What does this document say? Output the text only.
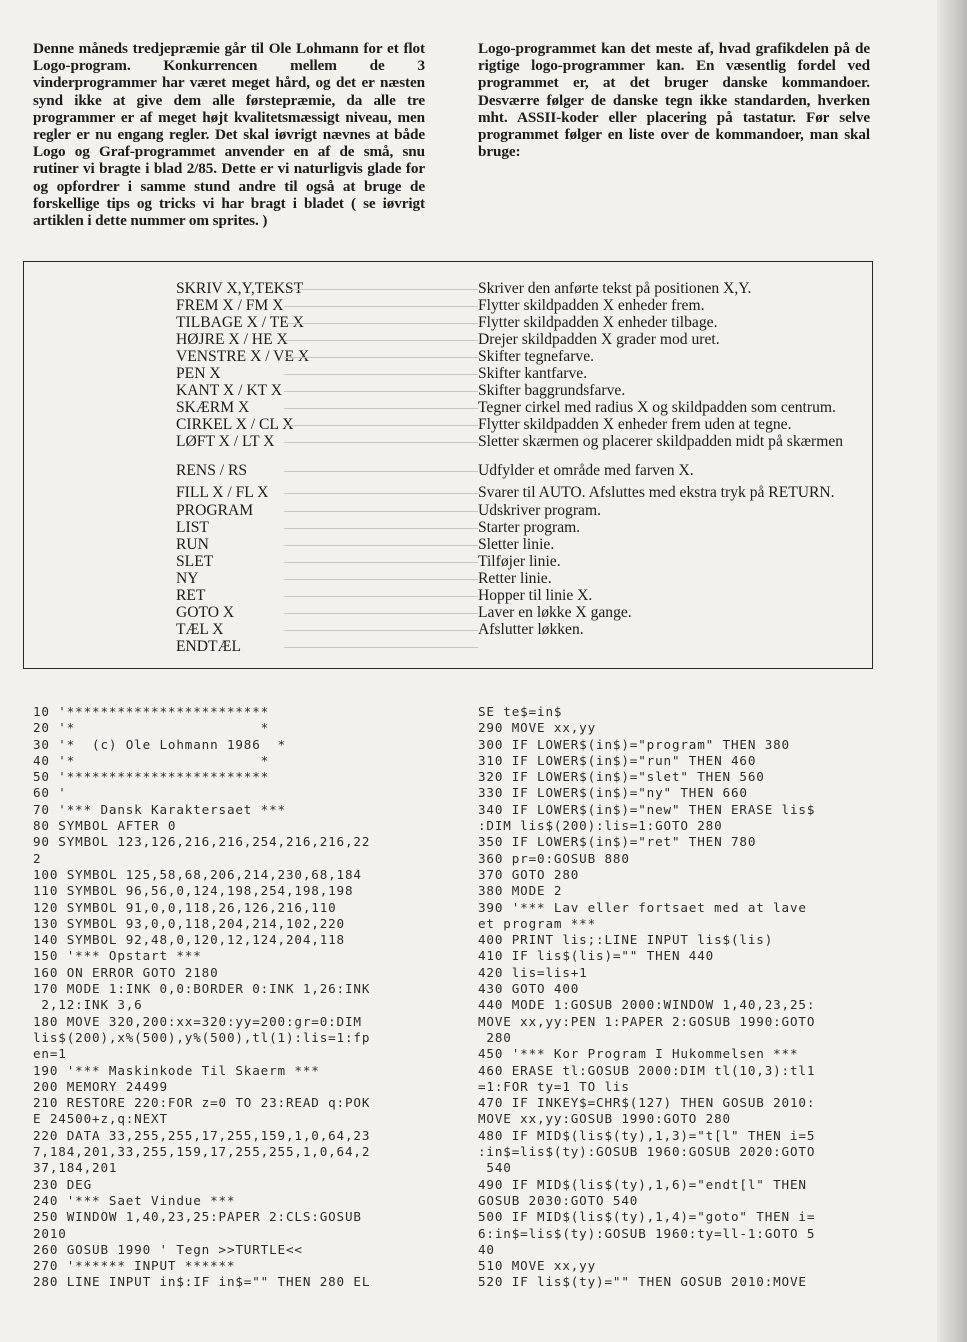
Denne måneds tredjepræmie går til Ole Lohmann for et flot Logo-program. Konkurrencen mellem de 3 vinderprogrammer har været meget hård, og det er næsten synd ikke at give dem alle førstepræmie, da alle tre programmer er af meget højt kvalitetsmæssigt niveau, men regler er nu engang regler. Det skal iøvrigt nævnes at både Logo og Graf-programmet anvender en af de små, snu rutiner vi bragte i blad 2/85. Dette er vi naturligvis glade for og opfordrer i samme stund andre til også at bruge de forskellige tips og tricks vi har bragt i bladet ( se iøvrigt artiklen i dette nummer om sprites. )
Logo-programmet kan det meste af, hvad grafikdelen på de rigtige logo-programmer kan. En væsentlig fordel ved programmet er, at det bruger danske kommandoer. Desværre følger de danske tegn ikke standarden, hverken mht. ASSII-koder eller placering på tastatur. Før selve programmet følger en liste over de kommandoer, man skal bruge:
SKRIV X,Y,TEKST	Skriver den anførte tekst på positionen X,Y.
FREM X / FM X	Flytter skildpadden X enheder frem.
TILBAGE X / TE X	Flytter skildpadden X enheder tilbage.
HØJRE X / HE X	Drejer skildpadden X grader mod uret.
VENSTRE X / VE X	Skifter tegnefarve.
PEN X	Skifter kantfarve.
KANT X / KT X	Skifter baggrundsfarve.
SKÆRM X	Tegner cirkel med radius X og skildpadden som centrum.
CIRKEL X / CL X	Flytter skildpadden X enheder frem uden at tegne.
LØFT X / LT X	Sletter skærmen og placerer skildpadden midt på skærmen
RENS / RS	Udfylder et område med farven X.
FILL X / FL X	Svarer til AUTO. Afsluttes med ekstra tryk på RETURN.
PROGRAM	Udskriver program.
LIST	Starter program.
RUN	Sletter linie.
SLET	Tilføjer linie.
NY	Retter linie.
RET	Hopper til linie X.
GOTO X	Laver en løkke X gange.
TÆL X	Afslutter løkken.
ENDTÆL
10 '************************
20 '*                      *
30 '*  (c) Ole Lohmann 1986  *
40 '*                      *
50 '************************
60 '
70 '*** Dansk Karaktersaet ***
80 SYMBOL AFTER 0
90 SYMBOL 123,126,216,216,254,216,216,22
2
100 SYMBOL 125,58,68,206,214,230,68,184
110 SYMBOL 96,56,0,124,198,254,198,198
120 SYMBOL 91,0,0,118,26,126,216,110
130 SYMBOL 93,0,0,118,204,214,102,220
140 SYMBOL 92,48,0,120,12,124,204,118
150 '*** Opstart ***
160 ON ERROR GOTO 2180
170 MODE 1:INK 0,0:BORDER 0:INK 1,26:INK
2,12:INK 3,6
180 MOVE 320,200:xx=320:yy=200:gr=0:DIM
lis$(200),x%(500),y%(500),tl(1):lis=1:fp
en=1
190 '*** Maskinkode Til Skaerm ***
200 MEMORY 24499
210 RESTORE 220:FOR z=0 TO 23:READ q:POK
E 24500+z,q:NEXT
220 DATA 33,255,255,17,255,159,1,0,64,23
7,184,201,33,255,159,17,255,255,1,0,64,2
37,184,201
230 DEG
240 '*** Saet Vindue ***
250 WINDOW 1,40,23,25:PAPER 2:CLS:GOSUB
2010
260 GOSUB 1990 ' Tegn >>TURTLE<<
270 '****** INPUT ******
280 LINE INPUT in$:IF in$="" THEN 280 EL
SE te$=in$
290 MOVE xx,yy
300 IF LOWER$(in$)="program" THEN 380
310 IF LOWER$(in$)="run" THEN 460
320 IF LOWER$(in$)="slet" THEN 560
330 IF LOWER$(in$)="ny" THEN 660
340 IF LOWER$(in$)="new" THEN ERASE lis$
:DIM lis$(200):lis=1:GOTO 280
350 IF LOWER$(in$)="ret" THEN 780
360 pr=0:GOSUB 880
370 GOTO 280
380 MODE 2
390 '*** Lav eller fortsaet med at lave
et program ***
400 PRINT lis;:LINE INPUT lis$(lis)
410 IF lis$(lis)="" THEN 440
420 lis=lis+1
430 GOTO 400
440 MODE 1:GOSUB 2000:WINDOW 1,40,23,25:
MOVE xx,yy:PEN 1:PAPER 2:GOSUB 1990:GOTO
280
450 '*** Kor Program I Hukommelsen ***
460 ERASE tl:GOSUB 2000:DIM tl(10,3):tl1
=1:FOR ty=1 TO lis
470 IF INKEY$=CHR$(127) THEN GOSUB 2010:
MOVE xx,yy:GOSUB 1990:GOTO 280
480 IF MID$(lis$(ty),1,3)="t[l" THEN i=5
:in$=lis$(ty):GOSUB 1960:GOSUB 2020:GOTO
540
490 IF MID$(lis$(ty),1,6)="endt[l" THEN
GOSUB 2030:GOTO 540
500 IF MID$(lis$(ty),1,4)="goto" THEN i=
6:in$=lis$(ty):GOSUB 1960:ty=ll-1:GOTO 5
40
510 MOVE xx,yy
520 IF lis$(ty)="" THEN GOSUB 2010:MOVE
